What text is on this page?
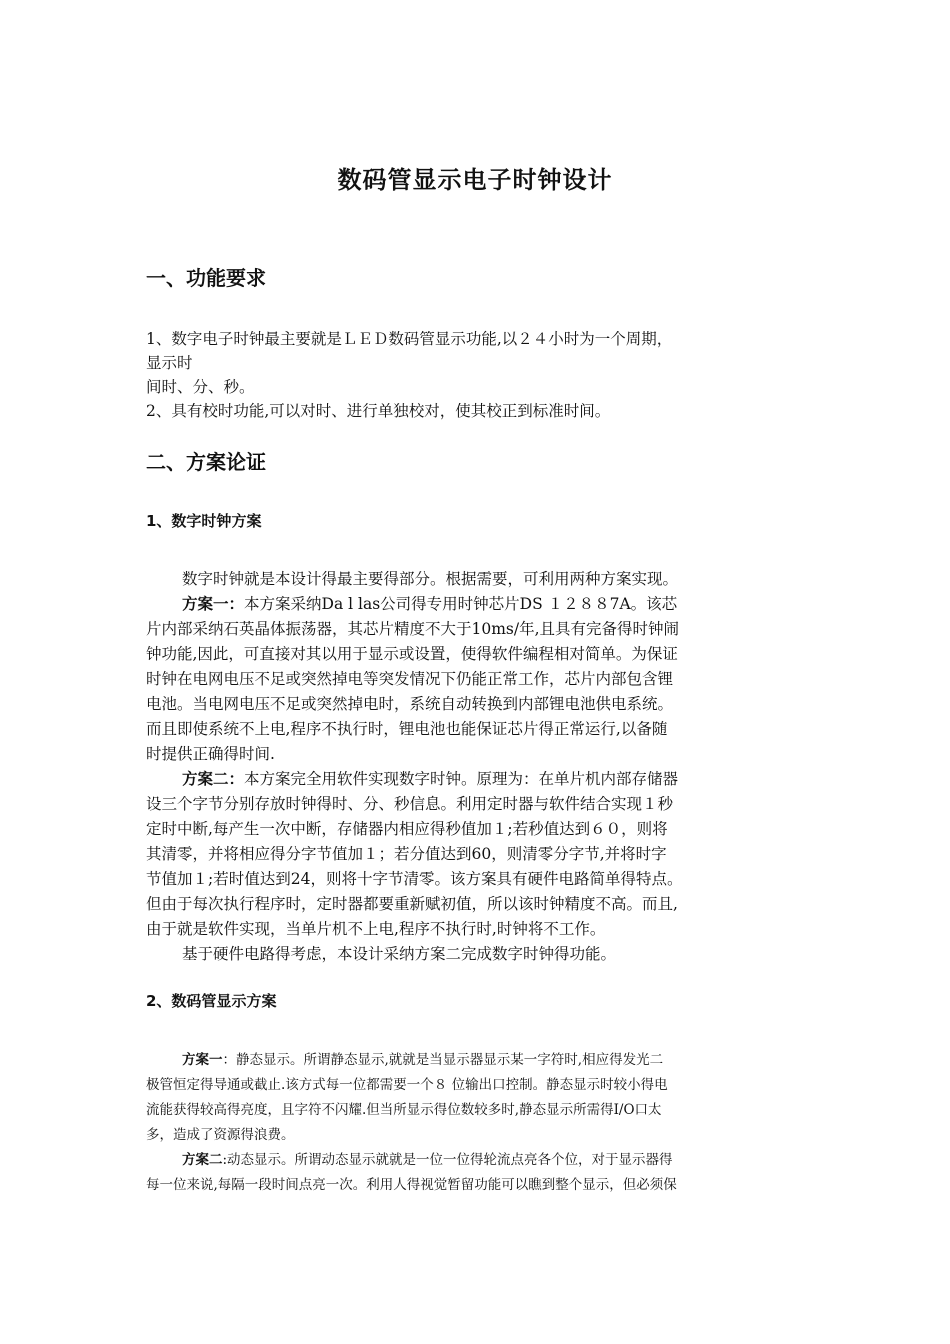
数码管显示电子时钟设计
一、功能要求
1、数字电子时钟最主要就是ＬＥＤ数码管显示功能,以２４小时为一个周期，
显示时
间时、分、秒。
2、具有校时功能,可以对时、进行单独校对，使其校正到标准时间。
二、方案论证
1、数字时钟方案
数字时钟就是本设计得最主要得部分。根据需要，可利用两种方案实现。
方案一：本方案采纳Da l las公司得专用时钟芯片DS １２８８7A。该芯
片内部采纳石英晶体振荡器，其芯片精度不大于10ms/年,且具有完备得时钟闹
钟功能,因此，可直接对其以用于显示或设置，使得软件编程相对简单。为保证
时钟在电网电压不足或突然掉电等突发情况下仍能正常工作，芯片内部包含锂
电池。当电网电压不足或突然掉电时，系统自动转换到内部锂电池供电系统。
而且即使系统不上电,程序不执行时，锂电池也能保证芯片得正常运行,以备随
时提供正确得时间.
方案二：本方案完全用软件实现数字时钟。原理为：在单片机内部存储器
设三个字节分别存放时钟得时、分、秒信息。利用定时器与软件结合实现１秒
定时中断,每产生一次中断，存储器内相应得秒值加１;若秒值达到６０，则将
其清零，并将相应得分字节值加１；若分值达到60，则清零分字节,并将时字
节值加１;若时值达到24，则将十字节清零。该方案具有硬件电路简单得特点。
但由于每次执行程序时，定时器都要重新赋初值，所以该时钟精度不高。而且,
由于就是软件实现，当单片机不上电,程序不执行时,时钟将不工作。
基于硬件电路得考虑，本设计采纳方案二完成数字时钟得功能。
2、数码管显示方案
方案一：静态显示。所谓静态显示,就就是当显示器显示某一字符时,相应得发光二
极管恒定得导通或截止.该方式每一位都需要一个８ 位输出口控制。静态显示时较小得电
流能获得较高得亮度，且字符不闪耀.但当所显示得位数较多时,静态显示所需得I/O口太
多，造成了资源得浪费。
方案二:动态显示。所谓动态显示就就是一位一位得轮流点亮各个位，对于显示器得
每一位来说,每隔一段时间点亮一次。利用人得视觉暂留功能可以瞧到整个显示，但必须保
